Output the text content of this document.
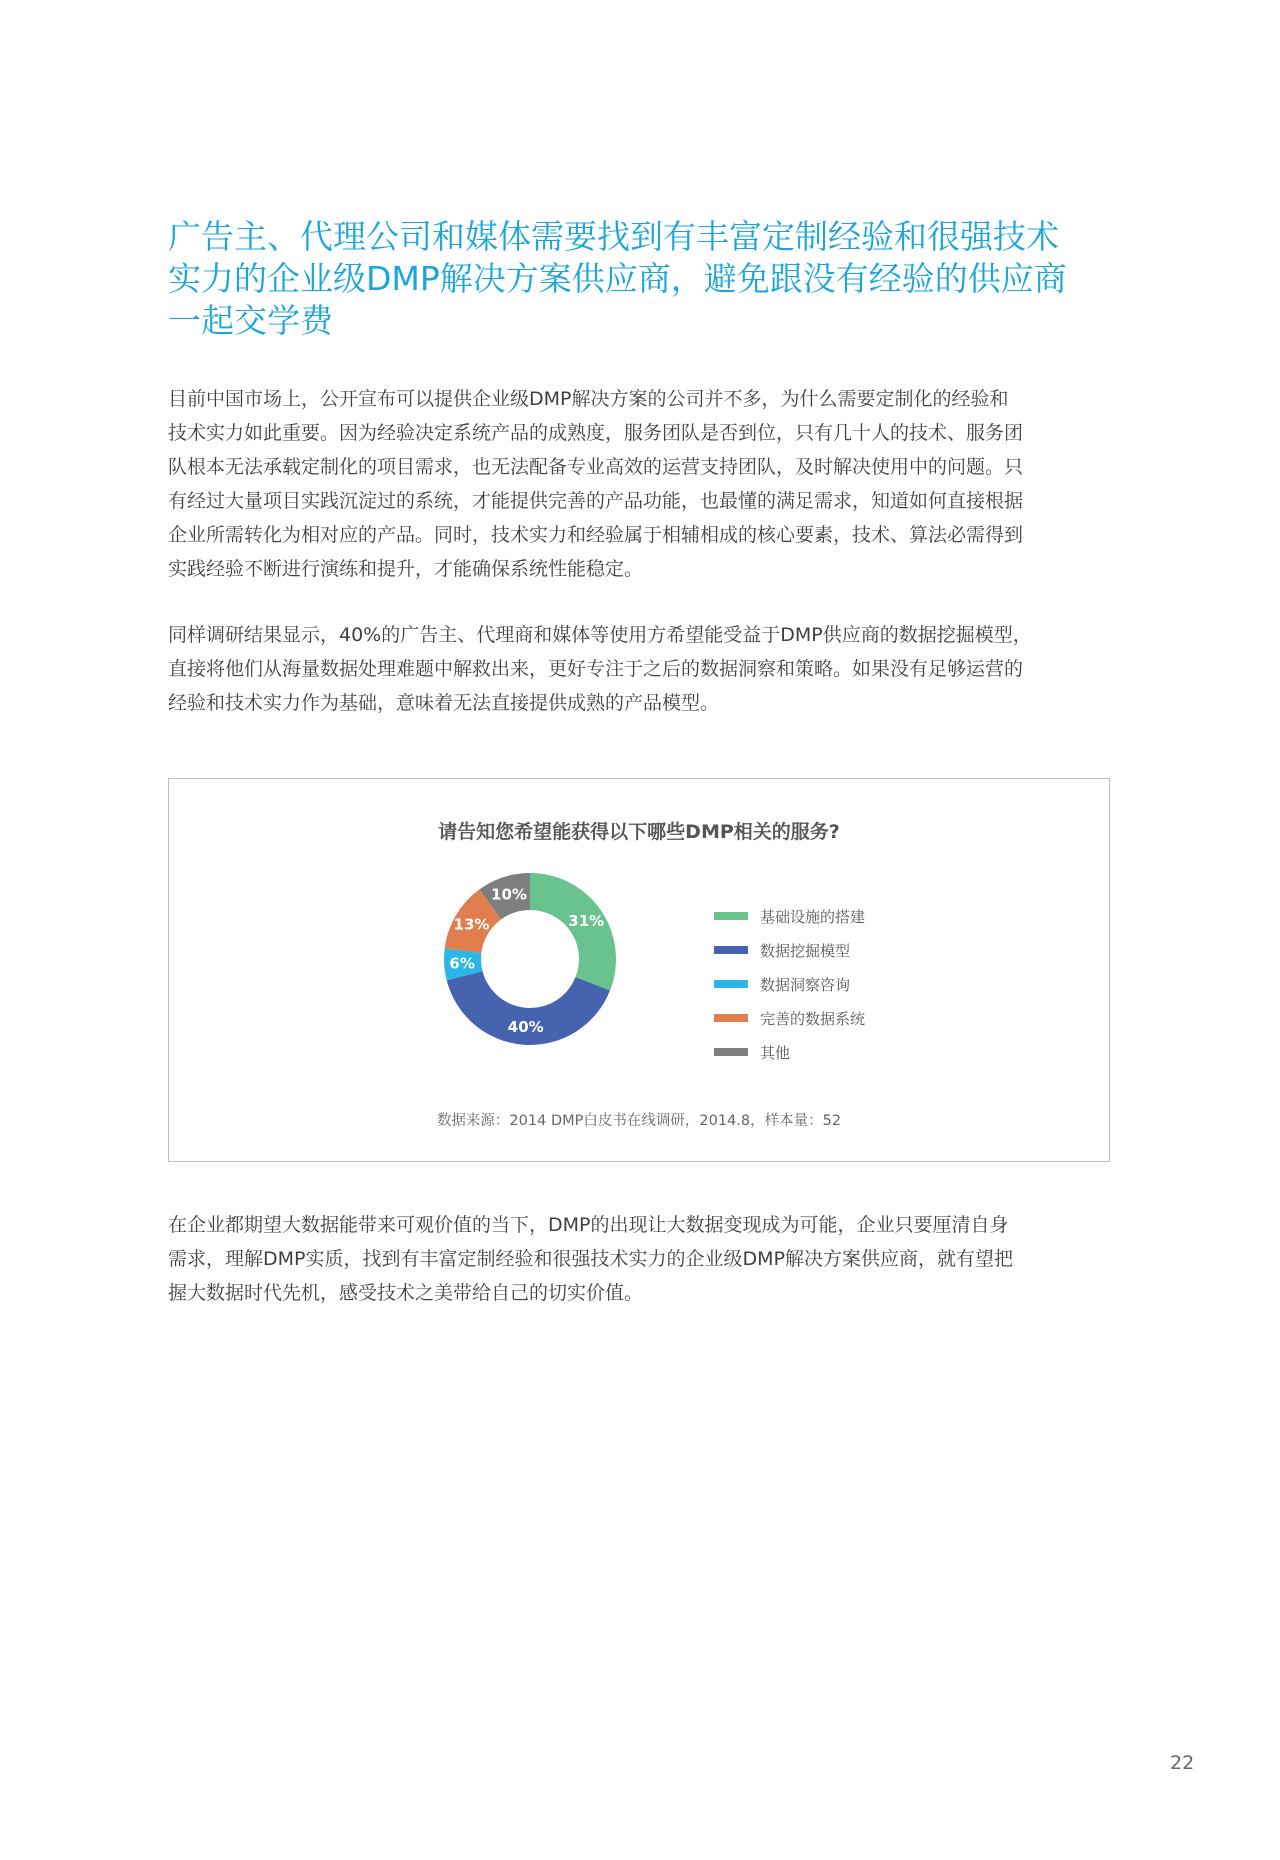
广告主、代理公司和媒体需要找到有丰富定制经验和很强技术
实力的企业级DMP解决方案供应商，避免跟没有经验的供应商
一起交学费

目前中国市场上，公开宣布可以提供企业级DMP解决方案的公司并不多，为什么需要定制化的经验和
技术实力如此重要。因为经验决定系统产品的成熟度，服务团队是否到位，只有几十人的技术、服务团
队根本无法承载定制化的项目需求，也无法配备专业高效的运营支持团队，及时解决使用中的问题。只
有经过大量项目实践沉淀过的系统，才能提供完善的产品功能，也最懂的满足需求，知道如何直接根据
企业所需转化为相对应的产品。同时，技术实力和经验属于相辅相成的核心要素，技术、算法必需得到
实践经验不断进行演练和提升，才能确保系统性能稳定。

同样调研结果显示，40%的广告主、代理商和媒体等使用方希望能受益于DMP供应商的数据挖掘模型，
直接将他们从海量数据处理难题中解救出来，更好专注于之后的数据洞察和策略。如果没有足够运营的
经验和技术实力作为基础，意味着无法直接提供成熟的产品模型。

请告知您希望能获得以下哪些DMP相关的服务?
31%
40%
6%
13%
10%
基础设施的搭建
数据挖掘模型
数据洞察咨询
完善的数据系统
其他
数据来源：2014 DMP白皮书在线调研，2014.8，样本量：52

在企业都期望大数据能带来可观价值的当下，DMP的出现让大数据变现成为可能，企业只要厘清自身
需求，理解DMP实质，找到有丰富定制经验和很强技术实力的企业级DMP解决方案供应商，就有望把
握大数据时代先机，感受技术之美带给自己的切实价值。

22
